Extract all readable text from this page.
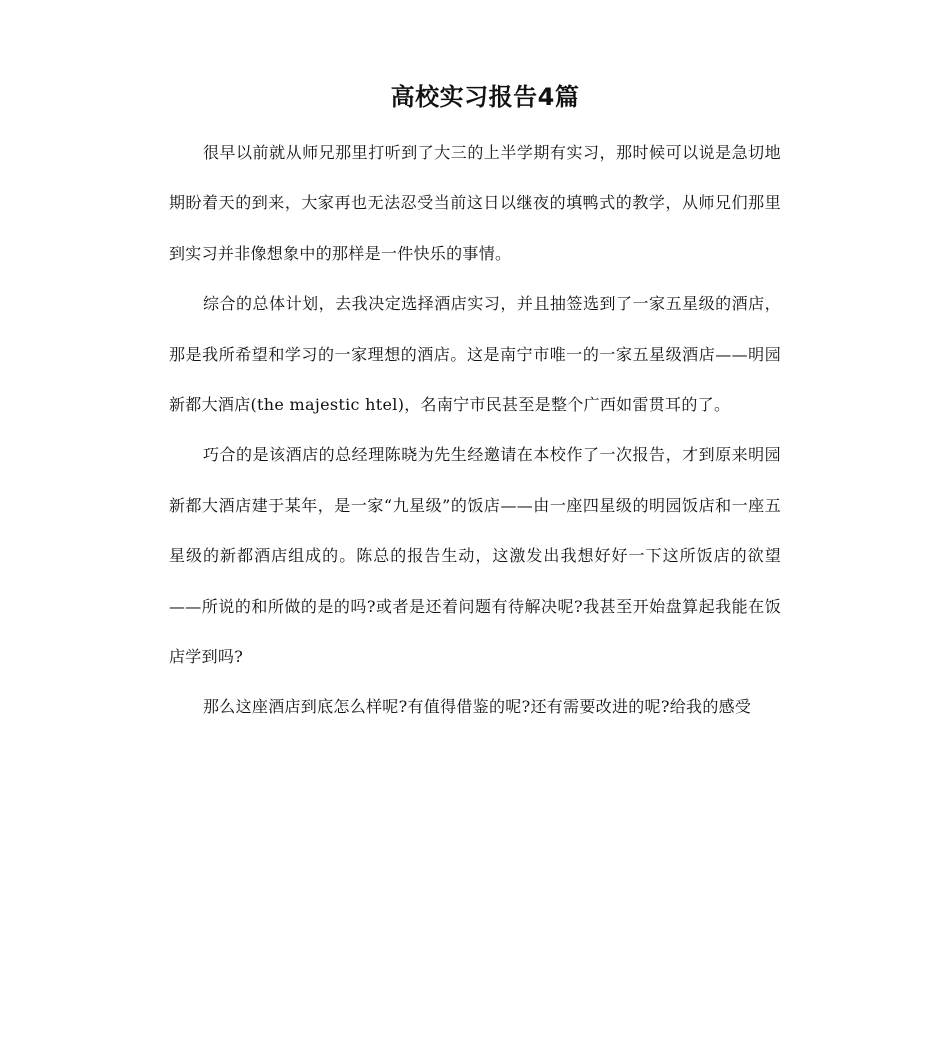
高校实习报告4篇

很早以前就从师兄那里打听到了大三的上半学期有实习，那时候可以说是急切地期盼着天的到来，大家再也无法忍受当前这日以继夜的填鸭式的教学，从师兄们那里到实习并非像想象中的那样是一件快乐的事情。

综合的总体计划，去我决定选择酒店实习，并且抽签选到了一家五星级的酒店，那是我所希望和学习的一家理想的酒店。这是南宁市唯一的一家五星级酒店——明园新都大酒店(the majestic htel)，名南宁市民甚至是整个广西如雷贯耳的了。

巧合的是该酒店的总经理陈晓为先生经邀请在本校作了一次报告，才到原来明园新都大酒店建于某年，是一家“九星级”的饭店——由一座四星级的明园饭店和一座五星级的新都酒店组成的。陈总的报告生动，这激发出我想好好一下这所饭店的欲望——所说的和所做的是的吗?或者是还着问题有待解决呢?我甚至开始盘算起我能在饭店学到吗?

那么这座酒店到底怎么样呢?有值得借鉴的呢?还有需要改进的呢?给我的感受
